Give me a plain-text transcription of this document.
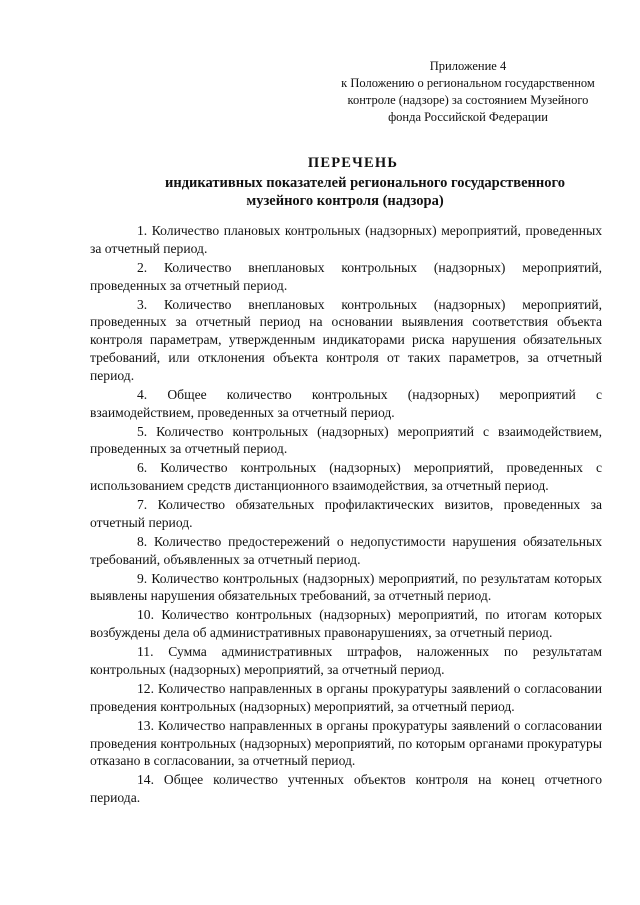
Приложение 4
к Положению о региональном государственном
контроле (надзоре) за состоянием Музейного
фонда Российской Федерации
ПЕРЕЧЕНЬ
индикативных показателей регионального государственного
музейного контроля (надзора)

1. Количество плановых контрольных (надзорных) мероприятий, проведенных за отчетный период.

2. Количество внеплановых контрольных (надзорных) мероприятий, проведенных за отчетный период.

3. Количество внеплановых контрольных (надзорных) мероприятий, проведенных за отчетный период на основании выявления соответствия объекта контроля параметрам, утвержденным индикаторами риска нарушения обязательных требований, или отклонения объекта контроля от таких параметров, за отчетный период.

4. Общее количество контрольных (надзорных) мероприятий с взаимодействием, проведенных за отчетный период.

5. Количество контрольных (надзорных) мероприятий с взаимодействием, проведенных за отчетный период.

6. Количество контрольных (надзорных) мероприятий, проведенных с использованием средств дистанционного взаимодействия, за отчетный период.

7. Количество обязательных профилактических визитов, проведенных за отчетный период.

8. Количество предостережений о недопустимости нарушения обязательных требований, объявленных за отчетный период.

9. Количество контрольных (надзорных) мероприятий, по результатам которых выявлены нарушения обязательных требований, за отчетный период.

10. Количество контрольных (надзорных) мероприятий, по итогам которых возбуждены дела об административных правонарушениях, за отчетный период.

11. Сумма административных штрафов, наложенных по результатам контрольных (надзорных) мероприятий, за отчетный период.

12. Количество направленных в органы прокуратуры заявлений о согласовании проведения контрольных (надзорных) мероприятий, за отчетный период.

13. Количество направленных в органы прокуратуры заявлений о согласовании проведения контрольных (надзорных) мероприятий, по которым органами прокуратуры отказано в согласовании, за отчетный период.

14. Общее количество учтенных объектов контроля на конец отчетного периода.
